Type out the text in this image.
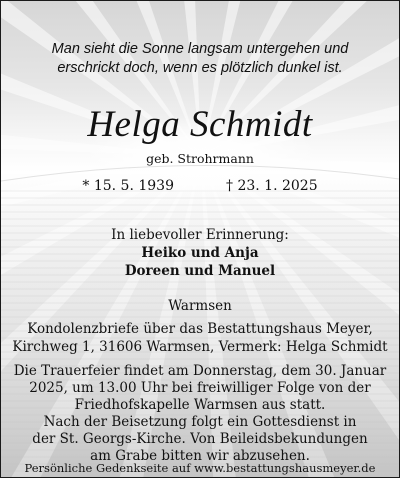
Man sieht die Sonne langsam untergehen und
erschrickt doch, wenn es plötzlich dunkel ist.
Helga Schmidt
geb. Strohrmann
* 15. 5. 1939	† 23. 1. 2025
In liebevoller Erinnerung:
Heiko und Anja
Doreen und Manuel
Warmsen
Kondolenzbriefe über das Bestattungshaus Meyer,
Kirchweg 1, 31606 Warmsen, Vermerk: Helga Schmidt
Die Trauerfeier findet am Donnerstag, dem 30. Januar
2025, um 13.00 Uhr bei freiwilliger Folge von der
Friedhofskapelle Warmsen aus statt.
Nach der Beisetzung folgt ein Gottesdienst in
der St. Georgs-Kirche. Von Beileidsbekundungen
am Grabe bitten wir abzusehen.
Persönliche Gedenkseite auf www.bestattungshausmeyer.de
